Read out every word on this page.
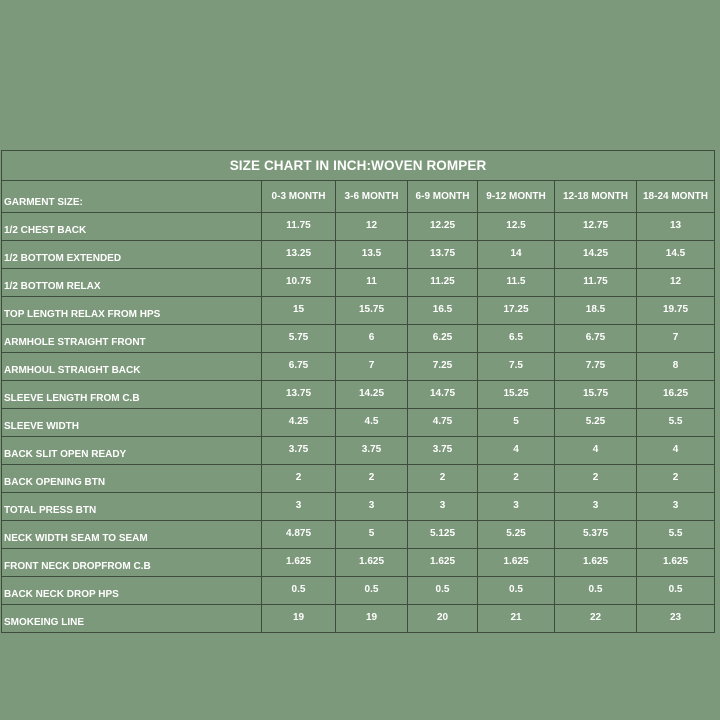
SIZE CHART IN INCH:WOVEN ROMPER						
GARMENT SIZE:	0-3 MONTH	3-6 MONTH	6-9 MONTH	9-12 MONTH	12-18 MONTH	18-24 MONTH
1/2 CHEST BACK	11.75	12	12.25	12.5	12.75	13
1/2 BOTTOM EXTENDED	13.25	13.5	13.75	14	14.25	14.5
1/2 BOTTOM RELAX	10.75	11	11.25	11.5	11.75	12
TOP LENGTH RELAX FROM HPS	15	15.75	16.5	17.25	18.5	19.75
ARMHOLE STRAIGHT FRONT	5.75	6	6.25	6.5	6.75	7
ARMHOUL STRAIGHT BACK	6.75	7	7.25	7.5	7.75	8
SLEEVE LENGTH FROM C.B	13.75	14.25	14.75	15.25	15.75	16.25
SLEEVE WIDTH	4.25	4.5	4.75	5	5.25	5.5
BACK SLIT OPEN READY	3.75	3.75	3.75	4	4	4
BACK OPENING BTN	2	2	2	2	2	2
TOTAL PRESS BTN	3	3	3	3	3	3
NECK WIDTH SEAM TO SEAM	4.875	5	5.125	5.25	5.375	5.5
FRONT NECK DROPFROM C.B	1.625	1.625	1.625	1.625	1.625	1.625
BACK NECK DROP HPS	0.5	0.5	0.5	0.5	0.5	0.5
SMOKEING LINE	19	19	20	21	22	23
